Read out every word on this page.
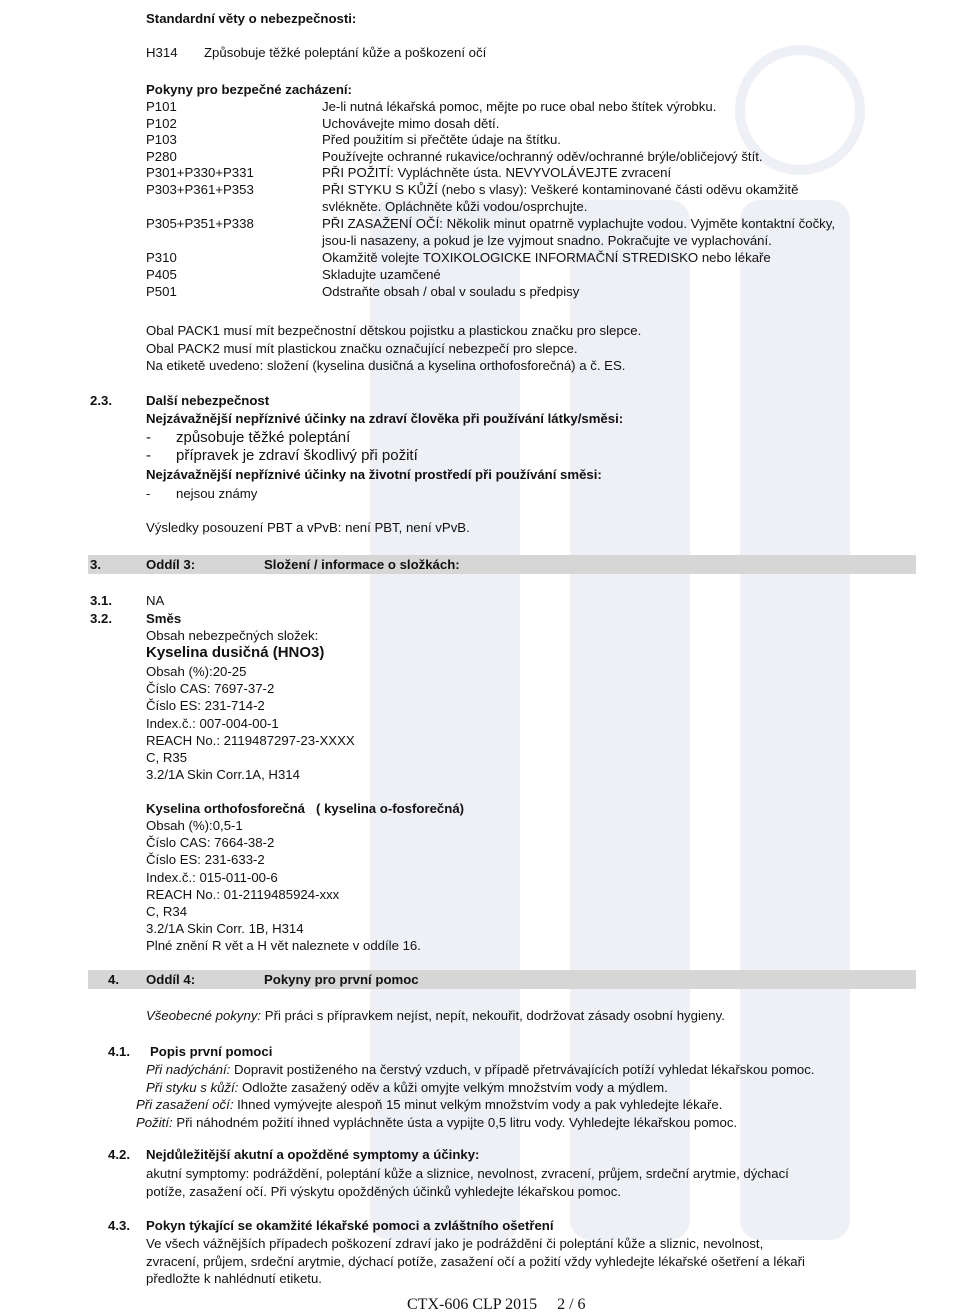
Standardní věty o nebezpečnosti:
H314 Způsobuje těžké poleptání kůže a poškození očí
Pokyny pro bezpečné zacházení:
P101	Je-li nutná lékařská pomoc, mějte po ruce obal nebo štítek výrobku.
P102	Uchovávejte mimo dosah dětí.
P103	Před použitím si přečtěte údaje na štítku.
P280	Používejte ochranné rukavice/ochranný oděv/ochranné brýle/obličejový štít.
P301+P330+P331	PŘI POŽITÍ: Vypláchněte ústa. NEVYVOLÁVEJTE zvracení
P303+P361+P353	PŘI STYKU S KŮŽÍ (nebo s vlasy): Veškeré kontaminované části oděvu okamžitě
svlékněte. Opláchněte kůži vodou/osprchujte.
P305+P351+P338	PŘI ZASAŽENÍ OČÍ: Několik minut opatrně vyplachujte vodou. Vyjměte kontaktní čočky,
jsou-li nasazeny, a pokud je lze vyjmout snadno. Pokračujte ve vyplachování.
P310	Okamžitě volejte TOXIKOLOGICKE INFORMAČNÍ STREDISKO nebo lékaře
P405	Skladujte uzamčené
P501	Odstraňte obsah / obal v souladu s předpisy
Obal PACK1 musí mít bezpečnostní dětskou pojistku a plastickou značku pro slepce.
Obal PACK2 musí mít plastickou značku označující nebezpečí pro slepce.
Na etiketě uvedeno: složení (kyselina dusičná a kyselina orthofosforečná) a č. ES.
2.3.	Další nebezpečnost
Nejzávažnější nepříznivé účinky na zdraví člověka při používání látky/směsi:
- způsobuje těžké poleptání
- přípravek je zdraví škodlivý při požití
Nejzávažnější nepříznivé účinky na životní prostředí při používání směsi:
- nejsou známy
Výsledky posouzení PBT a vPvB: není PBT, není vPvB.
3.	Oddíl 3:	Složení / informace o složkách:
3.1.	NA
3.2.	Směs
Obsah nebezpečných složek:
Kyselina dusičná (HNO3)
Obsah (%):20-25
Číslo CAS: 7697-37-2
Číslo ES: 231-714-2
Index.č.: 007-004-00-1
REACH No.: 2119487297-23-XXXX
C, R35
3.2/1A Skin Corr.1A, H314
Kyselina orthofosforečná   ( kyselina o-fosforečná)
Obsah (%):0,5-1
Číslo CAS: 7664-38-2
Číslo ES: 231-633-2
Index.č.: 015-011-00-6
REACH No.: 01-2119485924-xxx
C, R34
3.2/1A Skin Corr. 1B, H314
Plné znění R vět a H vět naleznete v oddíle 16.
4. Oddíl 4:	Pokyny pro první pomoc
Všeobecné pokyny: Při práci s přípravkem nejíst, nepít, nekouřit, dodržovat zásady osobní hygieny.
4.1. Popis první pomoci
Při nadýchání: Dopravit postiženého na čerstvý vzduch, v případě přetrvávajících potíží vyhledat lékařskou pomoc.
Při styku s kůží: Odložte zasažený oděv a kůži omyjte velkým množstvím vody a mýdlem.
Při zasažení očí: Ihned vymývejte alespoň 15 minut velkým množstvím vody a pak vyhledejte lékaře.
Požití: Při náhodném požití ihned vypláchněte ústa a vypijte 0,5 litru vody. Vyhledejte lékařskou pomoc.
4.2. Nejdůležitější akutní a opožděné symptomy a účinky:
akutní symptomy: podráždění, poleptání kůže a sliznice, nevolnost, zvracení, průjem, srdeční arytmie, dýchací
potíže, zasažení očí. Při výskytu opožděných účinků vyhledejte lékařskou pomoc.
4.3. Pokyn týkající se okamžité lékařské pomoci a zvláštního ošetření
Ve všech vážnějších případech poškození zdraví jako je podráždění či poleptání kůže a sliznic, nevolnost,
zvracení, průjem, srdeční arytmie, dýchací potíže, zasažení očí a požití vždy vyhledejte lékařské ošetření a lékaři
předložte k nahlédnutí etiketu.
CTX-606 CLP 2015     2 / 6
